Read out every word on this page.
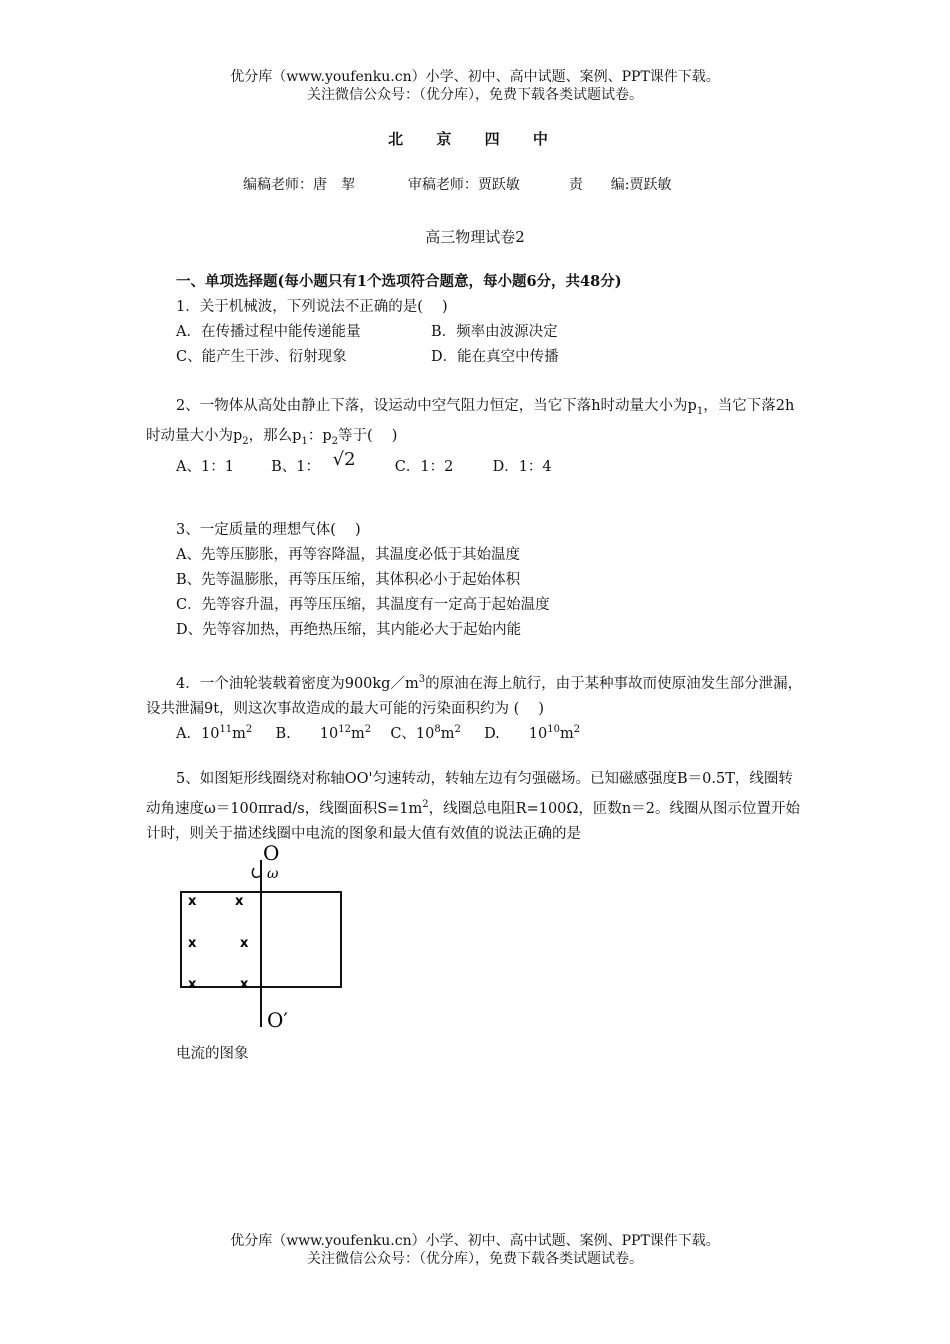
优分库（www.youfenku.cn）小学、初中、高中试题、案例、PPT课件下载。
关注微信公众号：（优分库），免费下载各类试题试卷。
北 京 四 中
编稿老师：唐　挈	审稿老师：贾跃敏	责　　编:贾跃敏
高三物理试卷2
一、单项选择题(每小题只有1个选项符合题意，每小题6分，共48分)
1．关于机械波，下列说法不正确的是(　 )
A．在传播过程中能传递能量	B．频率由波源决定
C、能产生干涉、衍射现象	D．能在真空中传播
2、一物体从高处由静止下落，设运动中空气阻力恒定，当它下落h时动量大小为$p_1$，当它下落2h时动量大小为$p_2$，那么$p_1$：$p_2$等于(　 )
A、1：1	B、1： √2	C．1：2	D．1：4
3、一定质量的理想气体(　 )
A、先等压膨胀，再等容降温，其温度必低于其始温度
B、先等温膨胀，再等压压缩，其体积必小于起始体积
C．先等容升温，再等压压缩，其温度有一定高于起始温度
D、先等容加热，再绝热压缩，其内能必大于起始内能
4．一个油轮装载着密度为$900kg/m^3$的原油在海上航行，由于某种事故而使原油发生部分泄漏，设共泄漏9t，则这次事故造成的最大可能的污染面积约为 (　 )
A．$10^{11}m^2$ B.　　$10^{12}m^2$ C、$10^8m^2$ D.　　$10^{10}m^2$
5、如图矩形线圈绕对称轴OO'匀速转动，转轴左边有匀强磁场。已知磁感强度B＝0.5T，线圈转动角速度ω＝100πrad/s，线圈面积$S=1m^2$，线圈总电阻R=100Ω，匝数n＝2。线圈从图示位置开始计时，则关于描述线圈中电流的图象和最大值有效值的说法正确的是
O
ω
x	x
x	x
x	x
O′
电流的图象
优分库（www.youfenku.cn）小学、初中、高中试题、案例、PPT课件下载。
关注微信公众号：（优分库），免费下载各类试题试卷。
